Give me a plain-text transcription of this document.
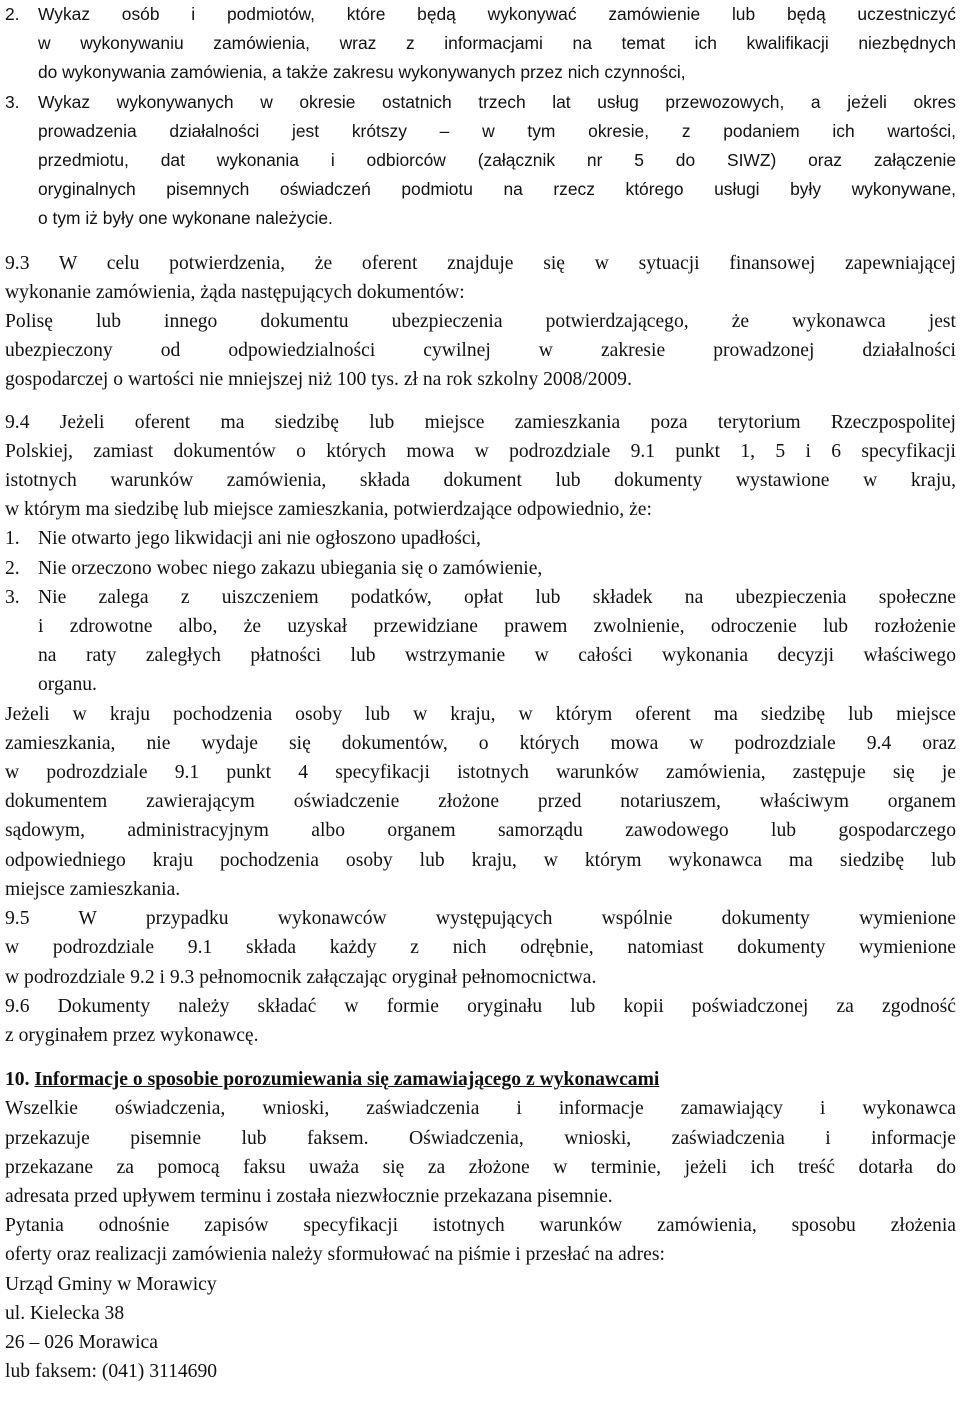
2. Wykaz osób i podmiotów, które będą wykonywać zamówienie lub będą uczestniczyć
w wykonywaniu zamówienia, wraz z informacjami na temat ich kwalifikacji niezbędnych
do wykonywania zamówienia, a także zakresu wykonywanych przez nich czynności,
3. Wykaz wykonywanych w okresie ostatnich trzech lat usług przewozowych, a jeżeli okres
prowadzenia działalności jest krótszy – w tym okresie, z podaniem ich wartości,
przedmiotu, dat wykonania i odbiorców (załącznik nr 5 do SIWZ) oraz załączenie
oryginalnych pisemnych oświadczeń podmiotu na rzecz którego usługi były wykonywane,
o tym iż były one wykonane należycie.
9.3 W celu potwierdzenia, że oferent znajduje się w sytuacji finansowej zapewniającej
wykonanie zamówienia, żąda następujących dokumentów:
Polisę lub innego dokumentu ubezpieczenia potwierdzającego, że wykonawca jest
ubezpieczony od odpowiedzialności cywilnej w zakresie prowadzonej działalności
gospodarczej o wartości nie mniejszej niż 100 tys. zł na rok szkolny 2008/2009.
9.4 Jeżeli oferent ma siedzibę lub miejsce zamieszkania poza terytorium Rzeczpospolitej
Polskiej, zamiast dokumentów o których mowa w podrozdziale 9.1 punkt 1, 5 i 6 specyfikacji
istotnych warunków zamówienia, składa dokument lub dokumenty wystawione w kraju,
w którym ma siedzibę lub miejsce zamieszkania, potwierdzające odpowiednio, że:
1. Nie otwarto jego likwidacji ani nie ogłoszono upadłości,
2. Nie orzeczono wobec niego zakazu ubiegania się o zamówienie,
3. Nie zalega z uiszczeniem podatków, opłat lub składek na ubezpieczenia społeczne
i zdrowotne albo, że uzyskał przewidziane prawem zwolnienie, odroczenie lub rozłożenie
na raty zaległych płatności lub wstrzymanie w całości wykonania decyzji właściwego
organu.
Jeżeli w kraju pochodzenia osoby lub w kraju, w którym oferent ma siedzibę lub miejsce
zamieszkania, nie wydaje się dokumentów, o których mowa w podrozdziale 9.4 oraz
w podrozdziale 9.1 punkt 4 specyfikacji istotnych warunków zamówienia, zastępuje się je
dokumentem zawierającym oświadczenie złożone przed notariuszem, właściwym organem
sądowym, administracyjnym albo organem samorządu zawodowego lub gospodarczego
odpowiedniego kraju pochodzenia osoby lub kraju, w którym wykonawca ma siedzibę lub
miejsce zamieszkania.
9.5 W przypadku wykonawców występujących wspólnie dokumenty wymienione
w podrozdziale 9.1 składa każdy z nich odrębnie, natomiast dokumenty wymienione
w podrozdziale 9.2 i 9.3 pełnomocnik załączając oryginał pełnomocnictwa.
9.6 Dokumenty należy składać w formie oryginału lub kopii poświadczonej za zgodność
z oryginałem przez wykonawcę.
10. Informacje o sposobie porozumiewania się zamawiającego z wykonawcami
Wszelkie oświadczenia, wnioski, zaświadczenia i informacje zamawiający i wykonawca
przekazuje pisemnie lub faksem. Oświadczenia, wnioski, zaświadczenia i informacje
przekazane za pomocą faksu uważa się za złożone w terminie, jeżeli ich treść dotarła do
adresata przed upływem terminu i została niezwłocznie przekazana pisemnie.
Pytania odnośnie zapisów specyfikacji istotnych warunków zamówienia, sposobu złożenia
oferty oraz realizacji zamówienia należy sformułować na piśmie i przesłać na adres:
Urząd Gminy w Morawicy
ul. Kielecka 38
26 – 026 Morawica
lub faksem: (041) 3114690
